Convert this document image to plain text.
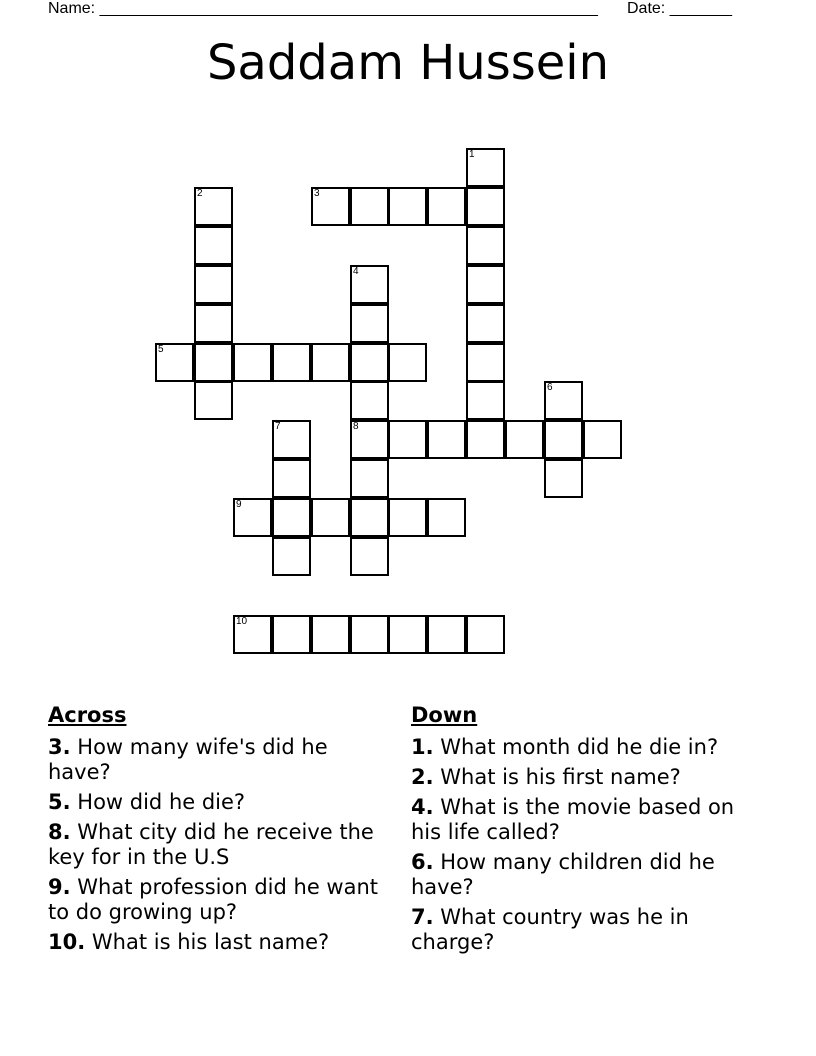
Name: ________________________________________________________ Date: _______
Saddam Hussein
1
2	3
4
5
6
7	8
9
10
Across
3. How many wife's did he have?
5. How did he die?
8. What city did he receive the key for in the U.S
9. What profession did he want to do growing up?
10. What is his last name?
Down
1. What month did he die in?
2. What is his first name?
4. What is the movie based on his life called?
6. How many children did he have?
7. What country was he in charge?
